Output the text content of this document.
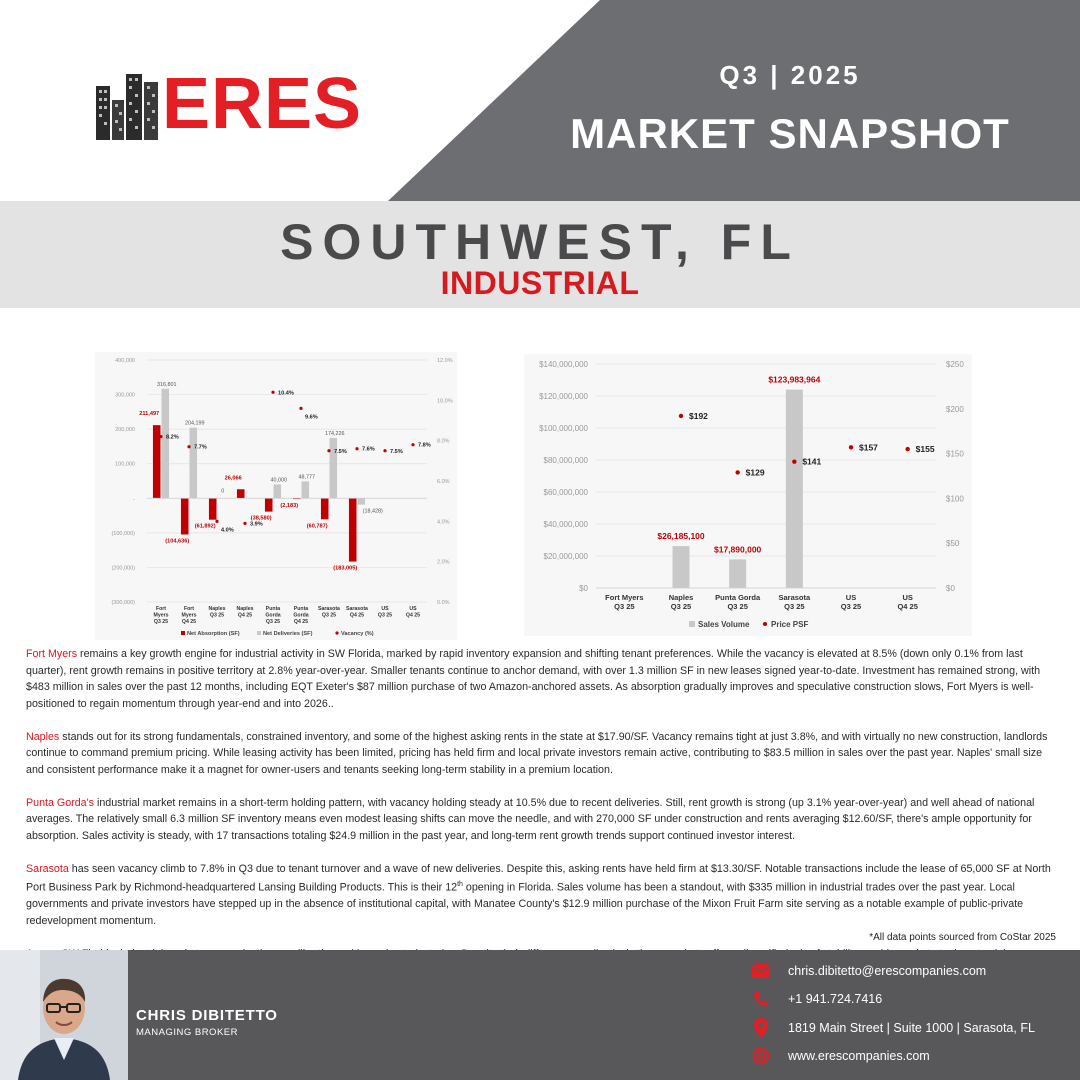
ERES	Q3 | 2025
MARKET SNAPSHOT
SOUTHWEST, FL
INDUSTRIAL
400,000
300,000
200,000
100,000
-
(100,000)
(200,000)
(300,000)
12.0%
10.0%
8.0%
6.0%
4.0%
2.0%
0.0%
211,497
316,801
8.2%
Fort
Myers
Q3 25
(104,636)
204,199
7.7%
Fort
Myers
Q4 25
(61,892)
0
4.0%
Naples
Q3 25
26,066
3.9%
Naples
Q4 25
(38,580)
40,000
10.4%
Punta
Gorda
Q3 25
(2,183)
48,777
9.6%
Punta
Gorda
Q4 25
(60,787)
174,226
7.5%
Sarasota
Q3 25
(183,005)
(18,428)
7.6%
Sarasota
Q4 25
7.5%
US
Q3 25
7.8%
US
Q4 25
Net Absorption (SF)	Net Deliveries (SF)	Vacancy (%)
$140,000,000
$120,000,000
$100,000,000
$80,000,000
$60,000,000
$40,000,000
$20,000,000
$0
$250
$200
$150
$100
$50
$0
Fort Myers
Q3 25
$26,185,100
$192
Naples
Q3 25
$17,890,000
$129
Punta Gorda
Q3 25
$123,983,964
$141
Sarasota
Q3 25
$157
US
Q3 25
$155
US
Q4 25
Sales Volume	Price PSF

Fort Myers remains a key growth engine for industrial activity in SW Florida, marked by rapid inventory expansion and shifting tenant preferences. While the vacancy is elevated at 8.5% (down only 0.1% from last quarter), rent growth remains in positive territory at 2.8% year-over-year. Smaller tenants continue to anchor demand, with over 1.3 million SF in new leases signed year-to-date. Investment has remained strong, with $483 million in sales over the past 12 months, including EQT Exeter's $87 million purchase of two Amazon-anchored assets. As absorption gradually improves and speculative construction slows, Fort Myers is well-positioned to regain momentum through year-end and into 2026..

Naples stands out for its strong fundamentals, constrained inventory, and some of the highest asking rents in the state at $17.90/SF. Vacancy remains tight at just 3.8%, and with virtually no new construction, landlords continue to command premium pricing. While leasing activity has been limited, pricing has held firm and local private investors remain active, contributing to $83.5 million in sales over the past year. Naples' small size and consistent performance make it a magnet for owner-users and tenants seeking long-term stability in a premium location.

Punta Gorda's industrial market remains in a short-term holding pattern, with vacancy holding steady at 10.5% due to recent deliveries. Still, rent growth is strong (up 3.1% year-over-year) and well ahead of national averages. The relatively small 6.3 million SF inventory means even modest leasing shifts can move the needle, and with 270,000 SF under construction and rents averaging $12.60/SF, there's ample opportunity for absorption. Sales activity is steady, with 17 transactions totaling $24.9 million in the past year, and long-term rent growth trends support continued investor interest.

Sarasota has seen vacancy climb to 7.8% in Q3 due to tenant turnover and a wave of new deliveries. Despite this, asking rents have held firm at $13.30/SF. Notable transactions include the lease of 65,000 SF at North Port Business Park by Richmond-headquartered Lansing Building Products. This is their 12th opening in Florida. Sales volume has been a standout, with $335 million in industrial trades over the past year. Local governments and private investors have stepped up in the absence of institutional capital, with Manatee County's $12.9 million purchase of the Mixon Fruit Farm site serving as a notable example of public-private redevelopment momentum.

*All data points sourced from CoStar 2025
CHRIS DIBITETTO
MANAGING BROKER
chris.dibitetto@erescompanies.com
+1 941.724.7416
1819 Main Street | Suite 1000 | Sarasota, FL
www.erescompanies.com
